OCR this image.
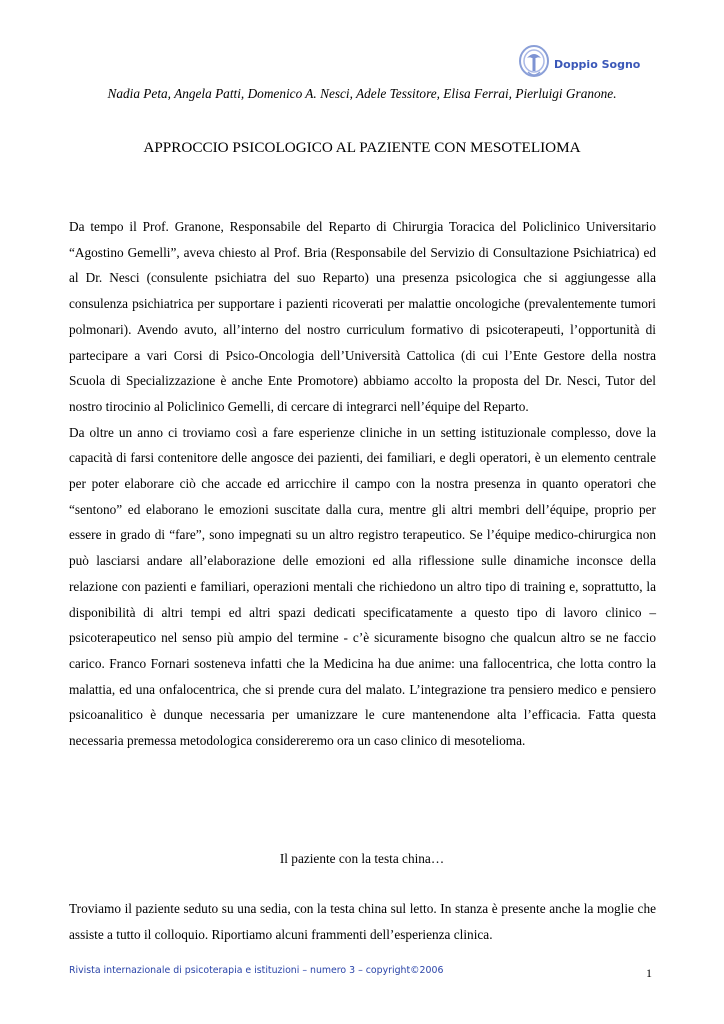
Doppio Sogno
Nadia Peta, Angela Patti, Domenico A. Nesci, Adele Tessitore, Elisa Ferrai, Pierluigi Granone.
APPROCCIO PSICOLOGICO AL PAZIENTE CON MESOTELIOMA

Da tempo il Prof. Granone, Responsabile del Reparto di Chirurgia Toracica del Policlinico Universitario “Agostino Gemelli”, aveva chiesto al Prof. Bria (Responsabile del Servizio di Consultazione Psichiatrica) ed al Dr. Nesci (consulente psichiatra del suo Reparto) una presenza psicologica che si aggiungesse alla consulenza psichiatrica per supportare i pazienti ricoverati per malattie oncologiche (prevalentemente tumori polmonari). Avendo avuto, all’interno del nostro curriculum formativo di psicoterapeuti, l’opportunità di partecipare a vari Corsi di Psico-Oncologia dell’Università Cattolica (di cui l’Ente Gestore della nostra Scuola di Specializzazione è anche Ente Promotore) abbiamo accolto la proposta del Dr. Nesci, Tutor del nostro tirocinio al Policlinico Gemelli, di cercare di integrarci nell’équipe del Reparto.

Da oltre un anno ci troviamo così a fare esperienze cliniche in un setting istituzionale complesso, dove la capacità di farsi contenitore delle angosce dei pazienti, dei familiari, e degli operatori, è un elemento centrale per poter elaborare ciò che accade ed arricchire il campo con la nostra presenza in quanto operatori che “sentono” ed elaborano le emozioni suscitate dalla cura, mentre gli altri membri dell’équipe, proprio per essere in grado di “fare”, sono impegnati su un altro registro terapeutico. Se l’équipe medico-chirurgica non può lasciarsi andare all’elaborazione delle emozioni ed alla riflessione sulle dinamiche inconsce della relazione con pazienti e familiari, operazioni mentali che richiedono un altro tipo di training e, soprattutto, la disponibilità di altri tempi ed altri spazi dedicati specificatamente a questo tipo di lavoro clinico – psicoterapeutico nel senso più ampio del termine - c’è sicuramente bisogno che qualcun altro se ne faccio carico. Franco Fornari sosteneva infatti che la Medicina ha due anime: una fallocentrica, che lotta contro la malattia, ed una onfalocentrica, che si prende cura del malato. L’integrazione tra pensiero medico e pensiero psicoanalitico è dunque necessaria per umanizzare le cure mantenendone alta l’efficacia. Fatta questa necessaria premessa metodologica considereremo ora un caso clinico di mesotelioma.

Il paziente con la testa china…

Troviamo il paziente seduto su una sedia, con la testa china sul letto. In stanza è presente anche la moglie che assiste a tutto il colloquio. Riportiamo alcuni frammenti dell’esperienza clinica.

Rivista internazionale di psicoterapia e istituzioni – numero 3 – copyright©2006	1
